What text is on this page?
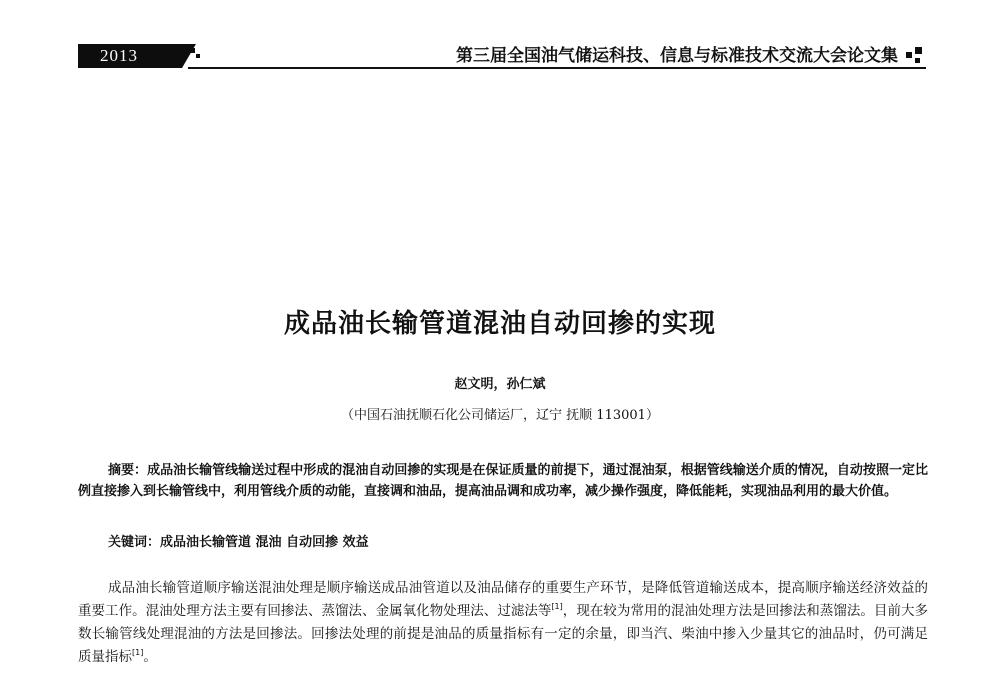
2013	第三届全国油气储运科技、信息与标准技术交流大会论文集
成品油长输管道混油自动回掺的实现
赵文明，孙仁斌
（中国石油抚顺石化公司储运厂，辽宁 抚顺 113001）

摘要：成品油长输管线输送过程中形成的混油自动回掺的实现是在保证质量的前提下，通过混油泵，根据管线输送介质的情况，自动按照一定比例直接掺入到长输管线中，利用管线介质的动能，直接调和油品，提高油品调和成功率，减少操作强度，降低能耗，实现油品利用的最大价值。

关键词：成品油长输管道 混油 自动回掺 效益

成品油长输管道顺序输送混油处理是顺序输送成品油管道以及油品储存的重要生产环节，是降低管道输送成本，提高顺序输送经济效益的重要工作。混油处理方法主要有回掺法、蒸馏法、金属氧化物处理法、过滤法等[1]，现在较为常用的混油处理方法是回掺法和蒸馏法。目前大多数长输管线处理混油的方法是回掺法。回掺法处理的前提是油品的质量指标有一定的余量，即当汽、柴油中掺入少量其它的油品时，仍可满足质量指标[1]。
